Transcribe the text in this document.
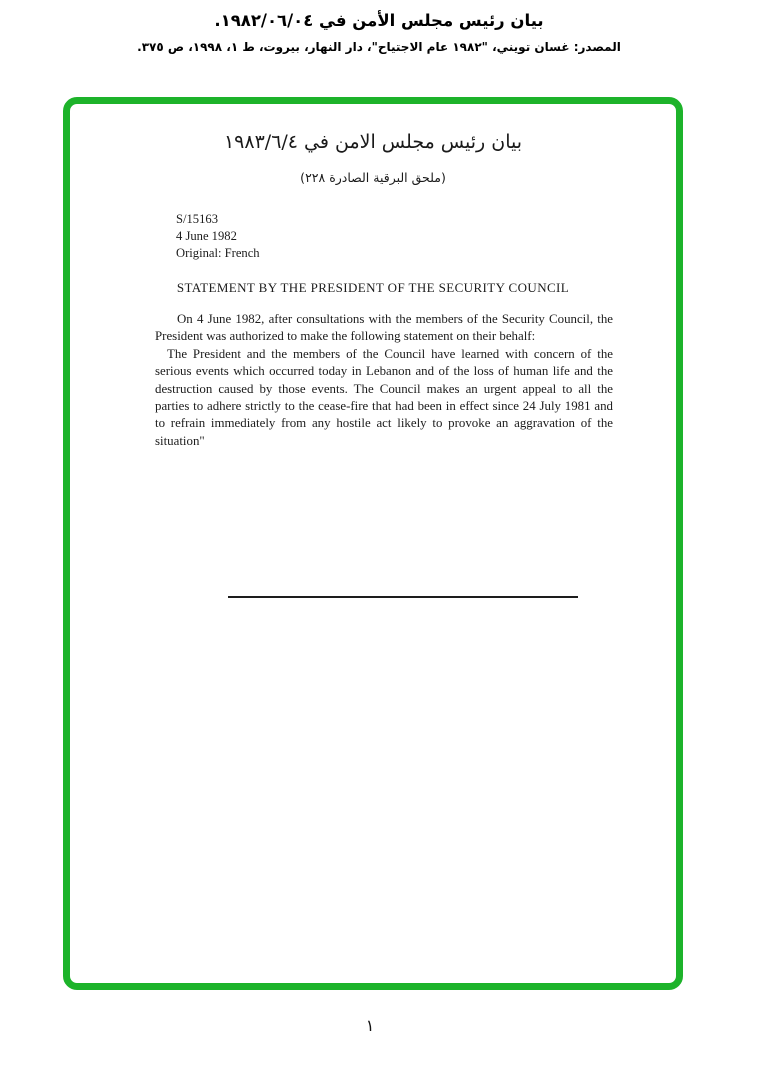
بيان رئيس مجلس الأمن في ١٩٨٢/٠٦/٠٤.
المصدر: غسان تويني، "١٩٨٢ عام الاجتياح"، دار النهار، بيروت، ط ١، ١٩٩٨، ص ٣٧٥.
بيان رئيس مجلس الامن في ١٩٨٣/٦/٤
(ملحق البرقية الصادرة ٢٢٨)
S/15163
4 June 1982
Original: French
STATEMENT BY THE PRESIDENT OF THE SECURITY COUNCIL
On 4 June 1982, after consultations with the members of the Security Council, the President was authorized to make the following statement on their behalf:
The President and the members of the Council have learned with concern of the serious events which occurred today in Lebanon and of the loss of human life and the destruction caused by those events. The Council makes an urgent appeal to all the parties to adhere strictly to the cease-fire that had been in effect since 24 July 1981 and to refrain immediately from any hostile act likely to provoke an aggravation of the situation"
١
